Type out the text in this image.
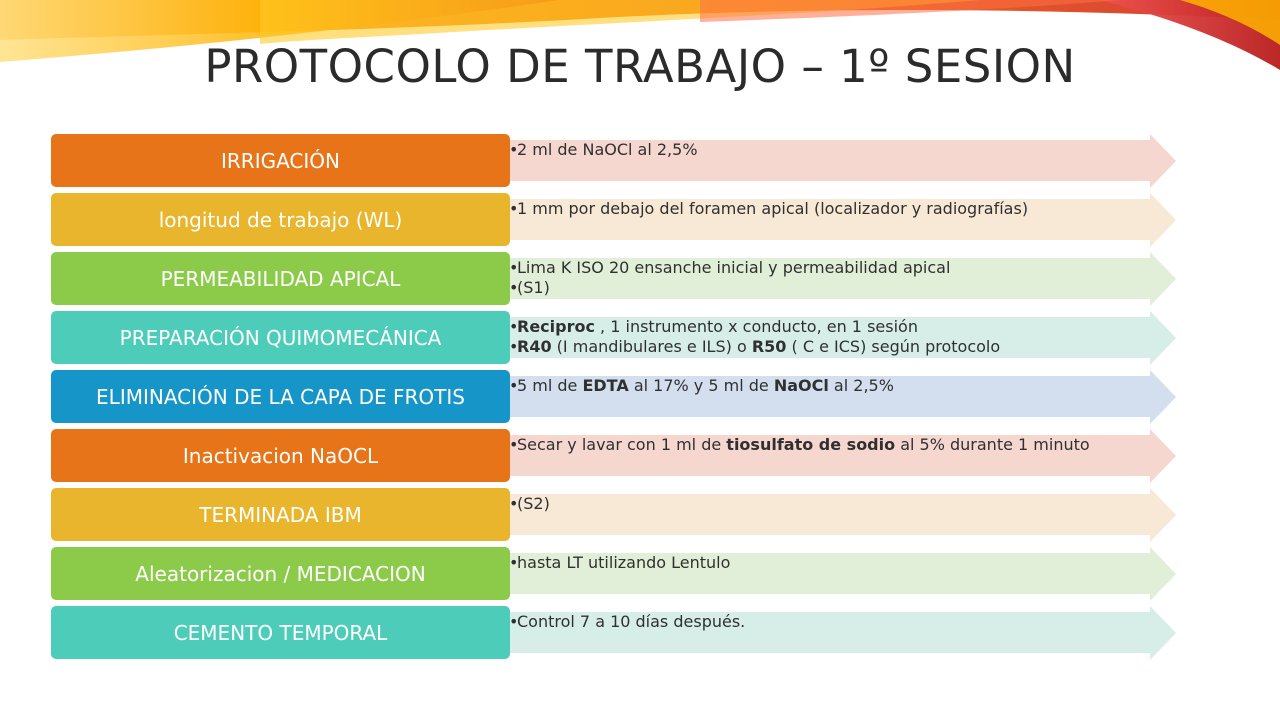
PROTOCOLO DE TRABAJO – 1º SESION
IRRIGACIÓN	• 2 ml de NaOCl al 2,5%
longitud de trabajo (WL)	• 1 mm por debajo del foramen apical (localizador y radiografías)
PERMEABILIDAD APICAL	• Lima K ISO 20 ensanche inicial y permeabilidad apical
• (S1)
PREPARACIÓN QUIMOMECÁNICA	• Reciproc , 1 instrumento x conducto, en 1 sesión
• R40 (I mandibulares e ILS) o R50 ( C e ICS) según protocolo
ELIMINACIÓN DE LA CAPA DE FROTIS	• 5 ml de EDTA al 17% y 5 ml de NaOCl al 2,5%
Inactivacion NaOCL	• Secar y lavar con 1 ml de tiosulfato de sodio al 5% durante 1 minuto
TERMINADA IBM	• (S2)
Aleatorizacion / MEDICACION	• hasta LT utilizando Lentulo
CEMENTO TEMPORAL	• Control 7 a 10 días después.
